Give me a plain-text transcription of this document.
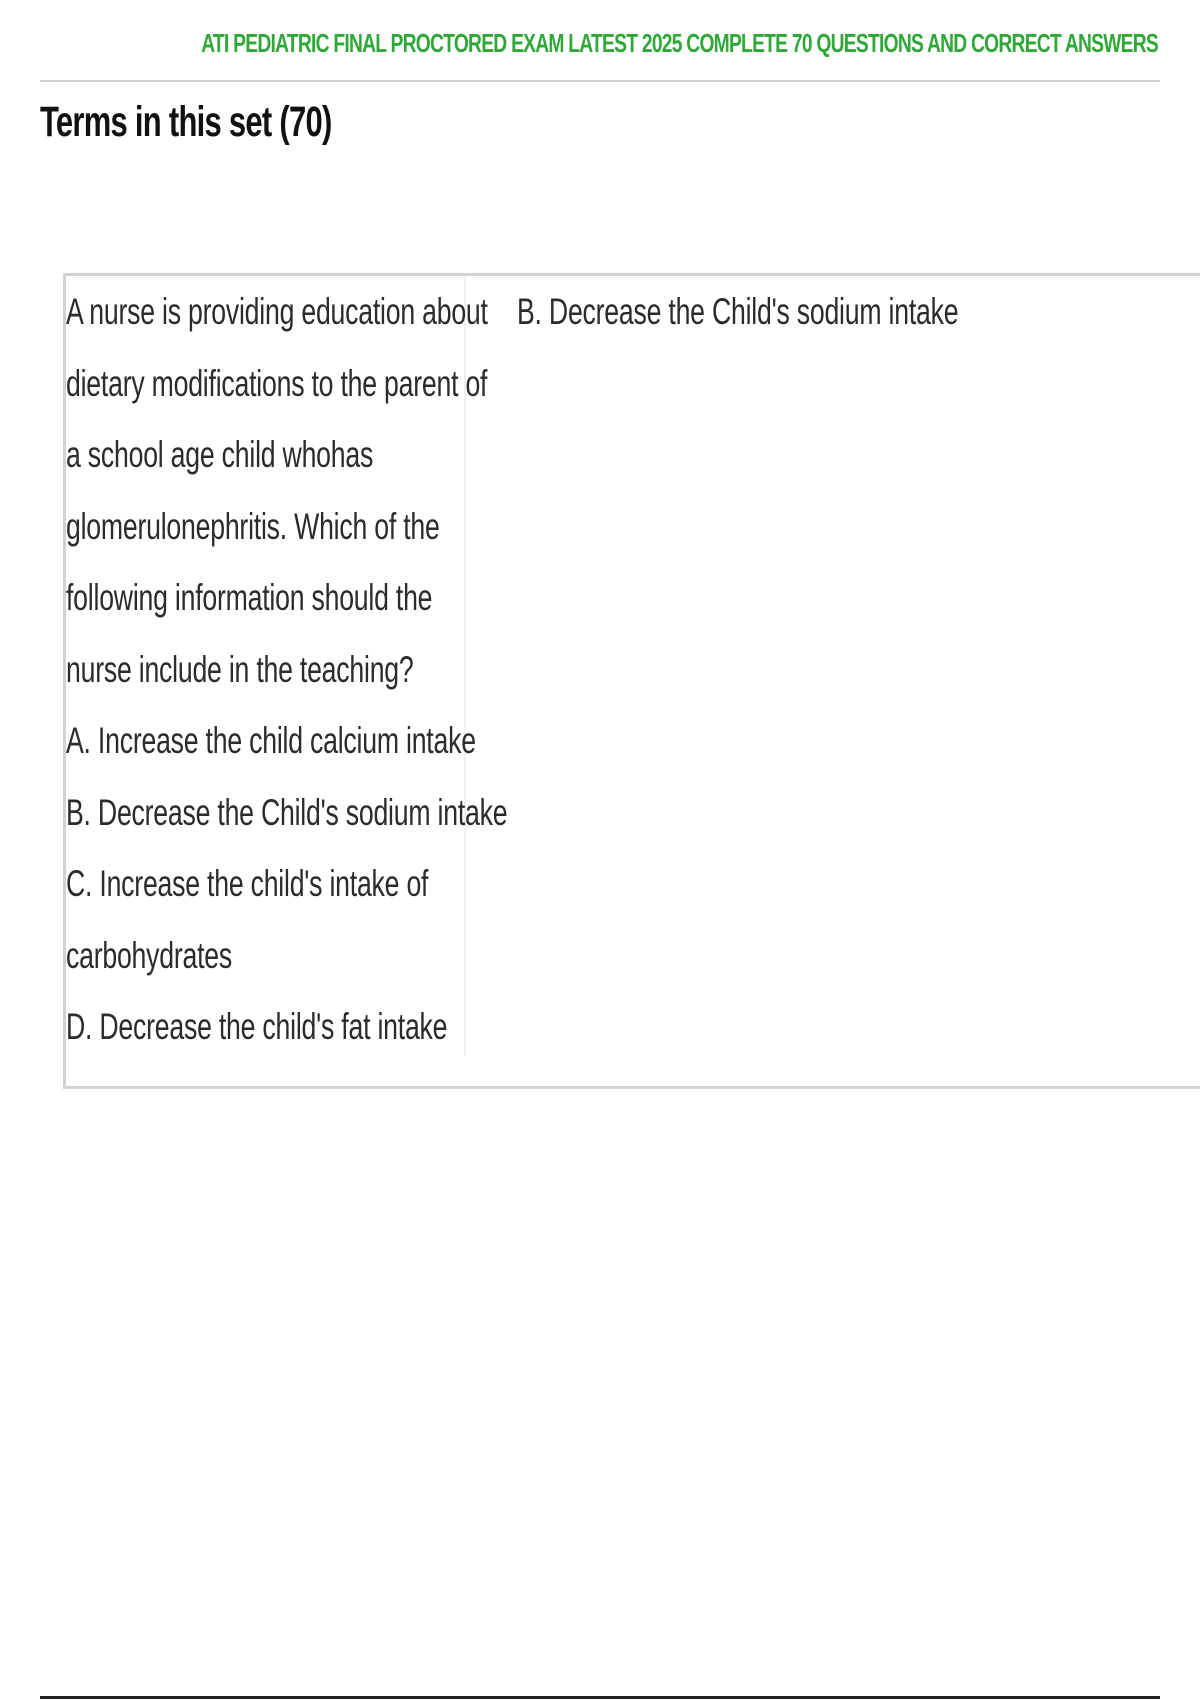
ATI PEDIATRIC FINAL PROCTORED EXAM LATEST 2025 COMPLETE 70 QUESTIONS AND CORRECT ANSWERS
Terms in this set (70)
A nurse is providing education about
dietary modifications to the parent of
a school age child whohas
glomerulonephritis. Which of the
following information should the
nurse include in the teaching?
A. Increase the child calcium intake
B. Decrease the Child's sodium intake
C. Increase the child's intake of
carbohydrates
D. Decrease the child's fat intake
B. Decrease the Child's sodium intake
